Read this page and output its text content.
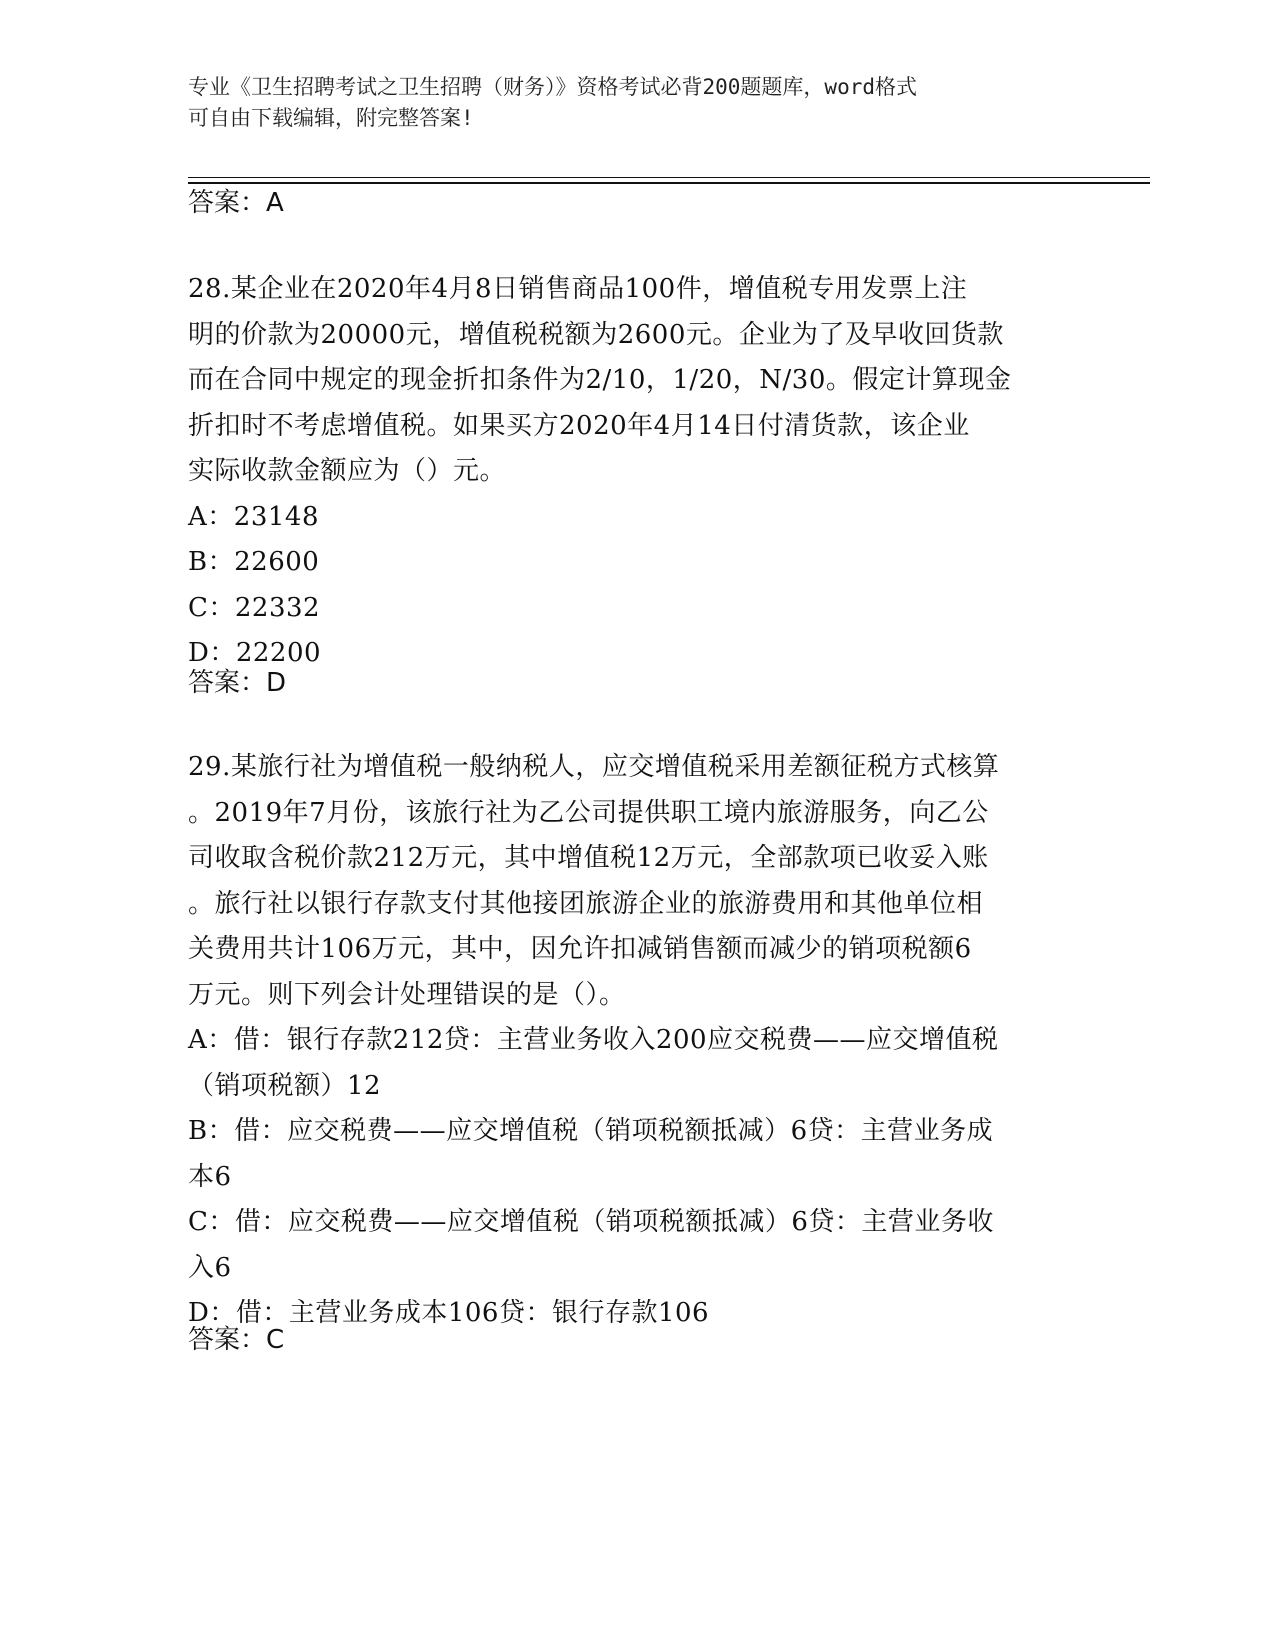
专业《卫生招聘考试之卫生招聘（财务）》资格考试必背200题题库，word格式
可自由下载编辑，附完整答案!
答案：A

28.某企业在2020年4月8日销售商品100件，增值税专用发票上注

明的价款为20000元，增值税税额为2600元。企业为了及早收回货款

而在合同中规定的现金折扣条件为2/10，1/20，N/30。假定计算现金

折扣时不考虑增值税。如果买方2020年4月14日付清货款，该企业

实际收款金额应为（）元。

A：23148

B：22600

C：22332

D：22200

答案：D

29.某旅行社为增值税一般纳税人，应交增值税采用差额征税方式核算

。2019年7月份，该旅行社为乙公司提供职工境内旅游服务，向乙公

司收取含税价款212万元，其中增值税12万元，全部款项已收妥入账

。旅行社以银行存款支付其他接团旅游企业的旅游费用和其他单位相

关费用共计106万元，其中，因允许扣减销售额而减少的销项税额6

万元。则下列会计处理错误的是（）。

A：借：银行存款212贷：主营业务收入200应交税费——应交增值税

（销项税额）12

B：借：应交税费——应交增值税（销项税额抵减）6贷：主营业务成

本6

C：借：应交税费——应交增值税（销项税额抵减）6贷：主营业务收

入6

D：借：主营业务成本106贷：银行存款106

答案：C
